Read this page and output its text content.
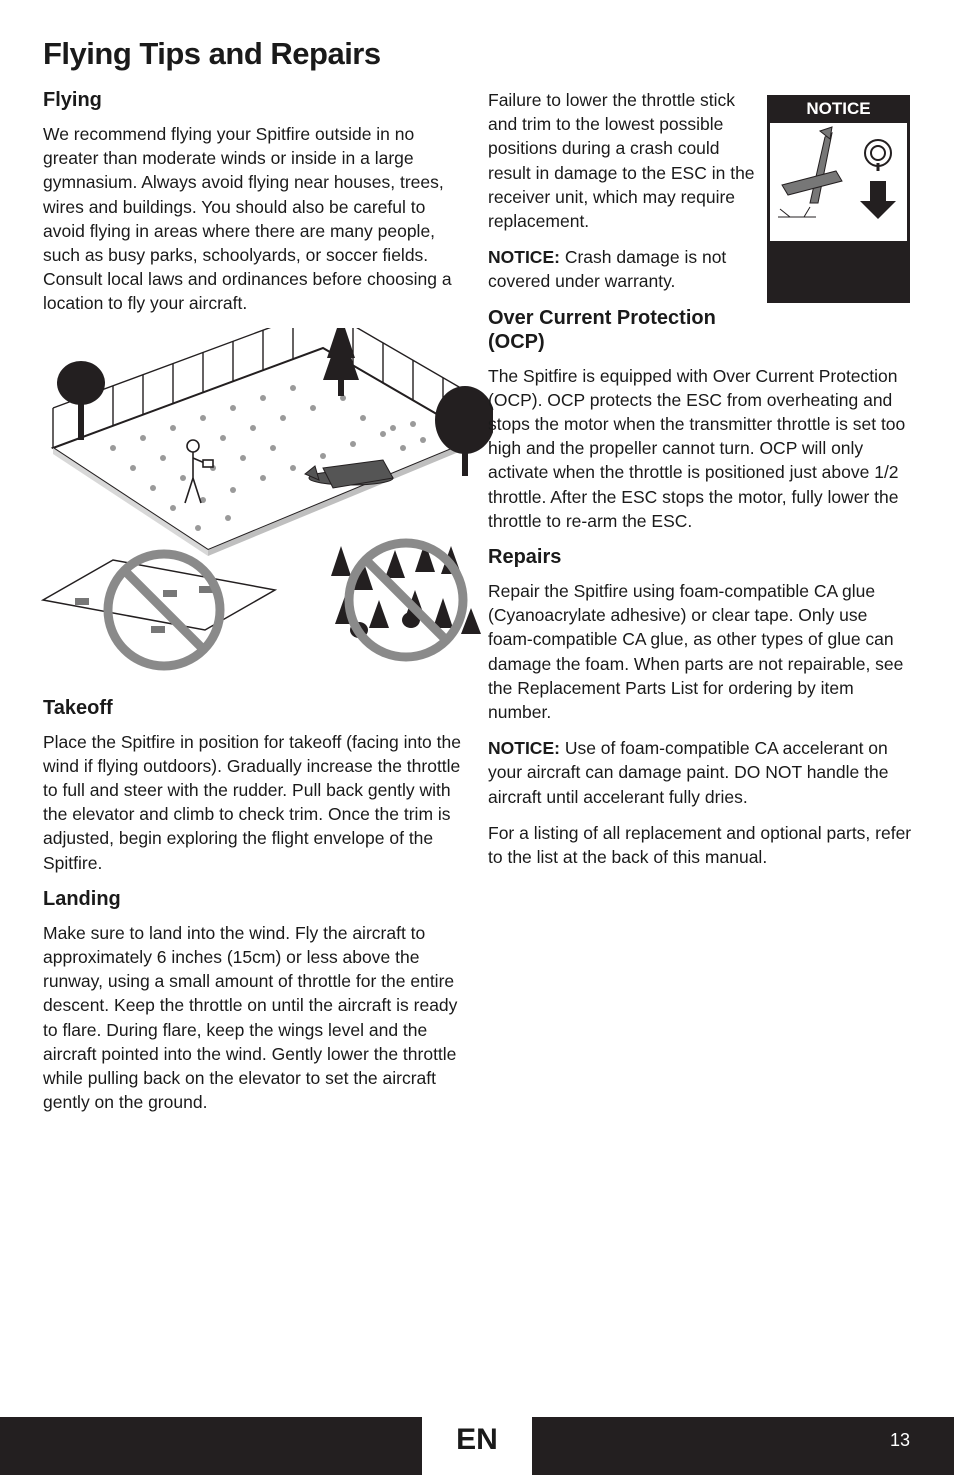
Flying Tips and Repairs
Flying

We recommend flying your Spitfire outside in no greater than moderate winds or inside in a large gymnasium. Always avoid flying near houses, trees, wires and buildings. You should also be careful to avoid flying in areas where there are many people, such as busy parks, schoolyards, or soccer fields. Consult local laws and ordinances before choosing a location to fly your aircraft.

Takeoff

Place the Spitfire in position for takeoff (facing into the wind if flying outdoors). Gradually increase the throttle to full and steer with the rudder. Pull back gently with the elevator and climb to check trim. Once the trim is adjusted, begin exploring the flight envelope of the Spitfire.

Landing

Make sure to land into the wind. Fly the aircraft to approximately 6 inches (15cm) or less above the runway, using a small amount of throttle for the entire descent. Keep the throttle on until the aircraft is ready to flare. During flare, keep the wings level and the aircraft pointed into the wind. Gently lower the throttle while pulling back on the elevator to set the aircraft gently on the ground.

Failure to lower the throttle stick and trim to the lowest possible positions during a crash could result in damage to the ESC in the receiver unit, which may require replacement.

NOTICE: Crash damage is not covered under warranty.

NOTICE
Over Current Protection (OCP)

The Spitfire is equipped with Over Current Protection (OCP). OCP protects the ESC from overheating and stops the motor when the transmitter throttle is set too high and the propeller cannot turn. OCP will only activate when the throttle is positioned just above 1/2 throttle. After the ESC stops the motor, fully lower the throttle to re-arm the ESC.

Repairs

Repair the Spitfire using foam-compatible CA glue (Cyanoacrylate adhesive) or clear tape. Only use foam-compatible CA glue, as other types of glue can damage the foam. When parts are not repairable, see the Replacement Parts List for ordering by item number.

NOTICE: Use of foam-compatible CA accelerant on your aircraft can damage paint. DO NOT handle the aircraft until accelerant fully dries.

For a listing of all replacement and optional parts, refer to the list at the back of this manual.

EN	13
